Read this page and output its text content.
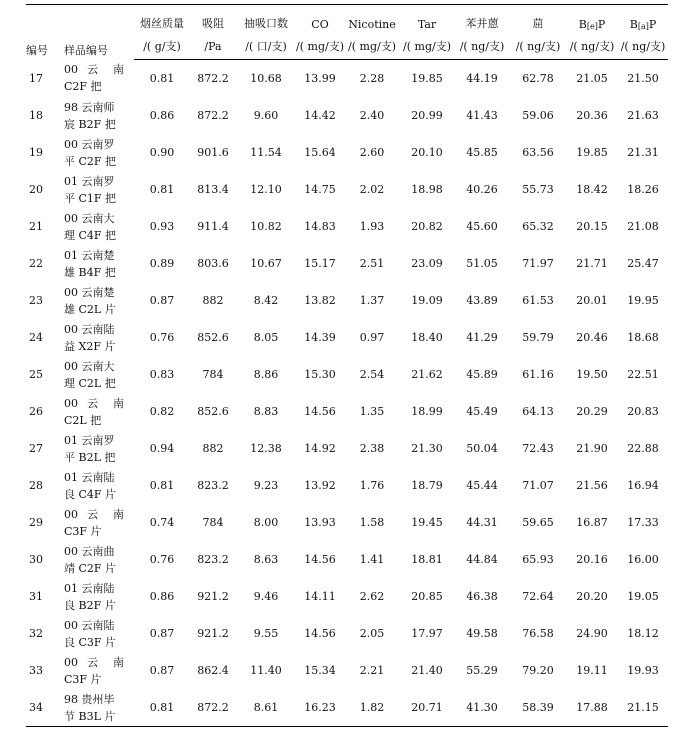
编号	样品编号	烟丝质量	吸阻	抽吸口数	CO	Nicotine	Tar	苯并蒽	䓛	$B_{[e]}P$	$B_{[a]}P$
		/( g/支)	/Pa	/( 口/支)	/( mg/支)	/( mg/支)	/( mg/支)	/( ng/支)	/( ng/支)	/( ng/支)	/( ng/支)
17	00 云 南
C2F 把	0.81	872.2	10.68	13.99	2.28	19.85	44.19	62.78	21.05	21.50
18	98 云南师
宸 B2F 把	0.86	872.2	9.60	14.42	2.40	20.99	41.43	59.06	20.36	21.63
19	00 云南罗
平 C2F 把	0.90	901.6	11.54	15.64	2.60	20.10	45.85	63.56	19.85	21.31
20	01 云南罗
平 C1F 把	0.81	813.4	12.10	14.75	2.02	18.98	40.26	55.73	18.42	18.26
21	00 云南大
理 C4F 把	0.93	911.4	10.82	14.83	1.93	20.82	45.60	65.32	20.15	21.08
22	01 云南楚
雄 B4F 把	0.89	803.6	10.67	15.17	2.51	23.09	51.05	71.97	21.71	25.47
23	00 云南楚
雄 C2L 片	0.87	882	8.42	13.82	1.37	19.09	43.89	61.53	20.01	19.95
24	00 云南陆
益 X2F 片	0.76	852.6	8.05	14.39	0.97	18.40	41.29	59.79	20.46	18.68
25	00 云南大
理 C2L 把	0.83	784	8.86	15.30	2.54	21.62	45.89	61.16	19.50	22.51
26	00 云 南
C2L 把	0.82	852.6	8.83	14.56	1.35	18.99	45.49	64.13	20.29	20.83
27	01 云南罗
平 B2L 把	0.94	882	12.38	14.92	2.38	21.30	50.04	72.43	21.90	22.88
28	01 云南陆
良 C4F 片	0.81	823.2	9.23	13.92	1.76	18.79	45.44	71.07	21.56	16.94
29	00 云 南
C3F 片	0.74	784	8.00	13.93	1.58	19.45	44.31	59.65	16.87	17.33
30	00 云南曲
靖 C2F 片	0.76	823.2	8.63	14.56	1.41	18.81	44.84	65.93	20.16	16.00
31	01 云南陆
良 B2F 片	0.86	921.2	9.46	14.11	2.62	20.85	46.38	72.64	20.20	19.05
32	00 云南陆
良 C3F 片	0.87	921.2	9.55	14.56	2.05	17.97	49.58	76.58	24.90	18.12
33	00 云 南
C3F 片	0.87	862.4	11.40	15.34	2.21	21.40	55.29	79.20	19.11	19.93
34	98 贵州毕
节 B3L 片	0.81	872.2	8.61	16.23	1.82	20.71	41.30	58.39	17.88	21.15
